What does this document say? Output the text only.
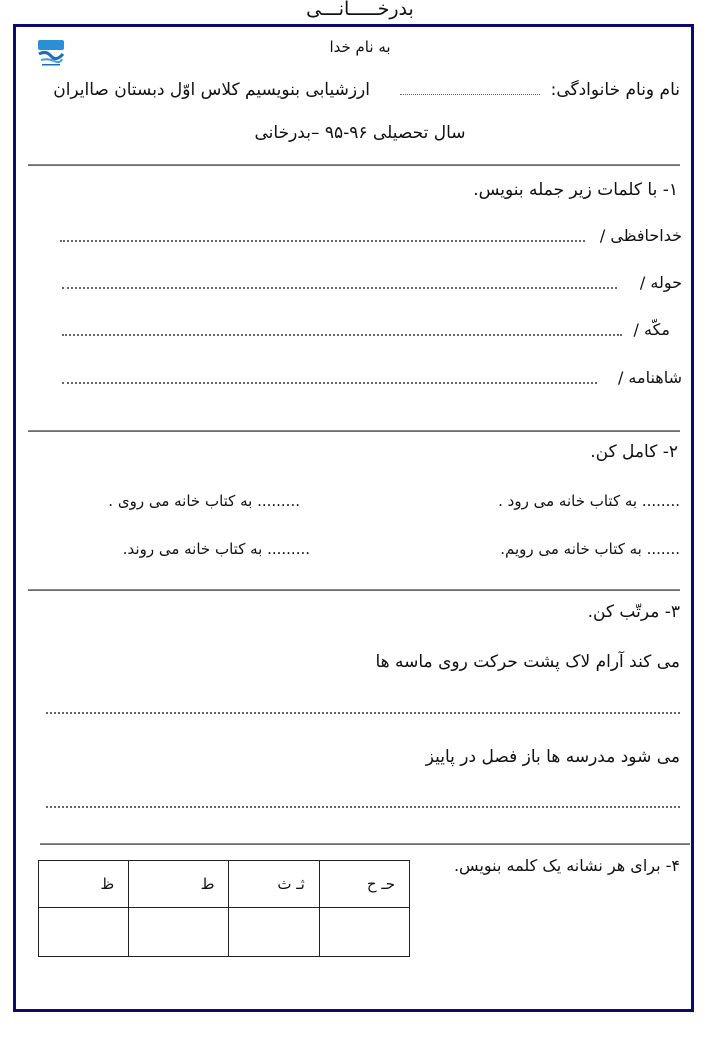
بدرخـــــانـــی
به نام خدا
نام ونام خانوادگی:
ارزشیابی بنویسیم کلاس اوّل دبستان صاایران
سال تحصیلی ۹۶-۹۵ –بدرخانی
۱- با کلمات زیر جمله بنویس.
خداحافظی /
حوله /
مکّه /
شاهنامه /
۲- کامل کن.
........ به کتاب خانه می رود .
......... به کتاب خانه می روی .
....... به کتاب خانه می رویم.
......... به کتاب خانه می روند.
۳- مرتّب کن.
می کند آرام لاک پشت حرکت روی ماسه ها
می شود مدرسه ها باز فصل در پاییز
۴- برای هر نشانه یک کلمه بنویس.
حـ ح	ثـ ث	ط	ظ
